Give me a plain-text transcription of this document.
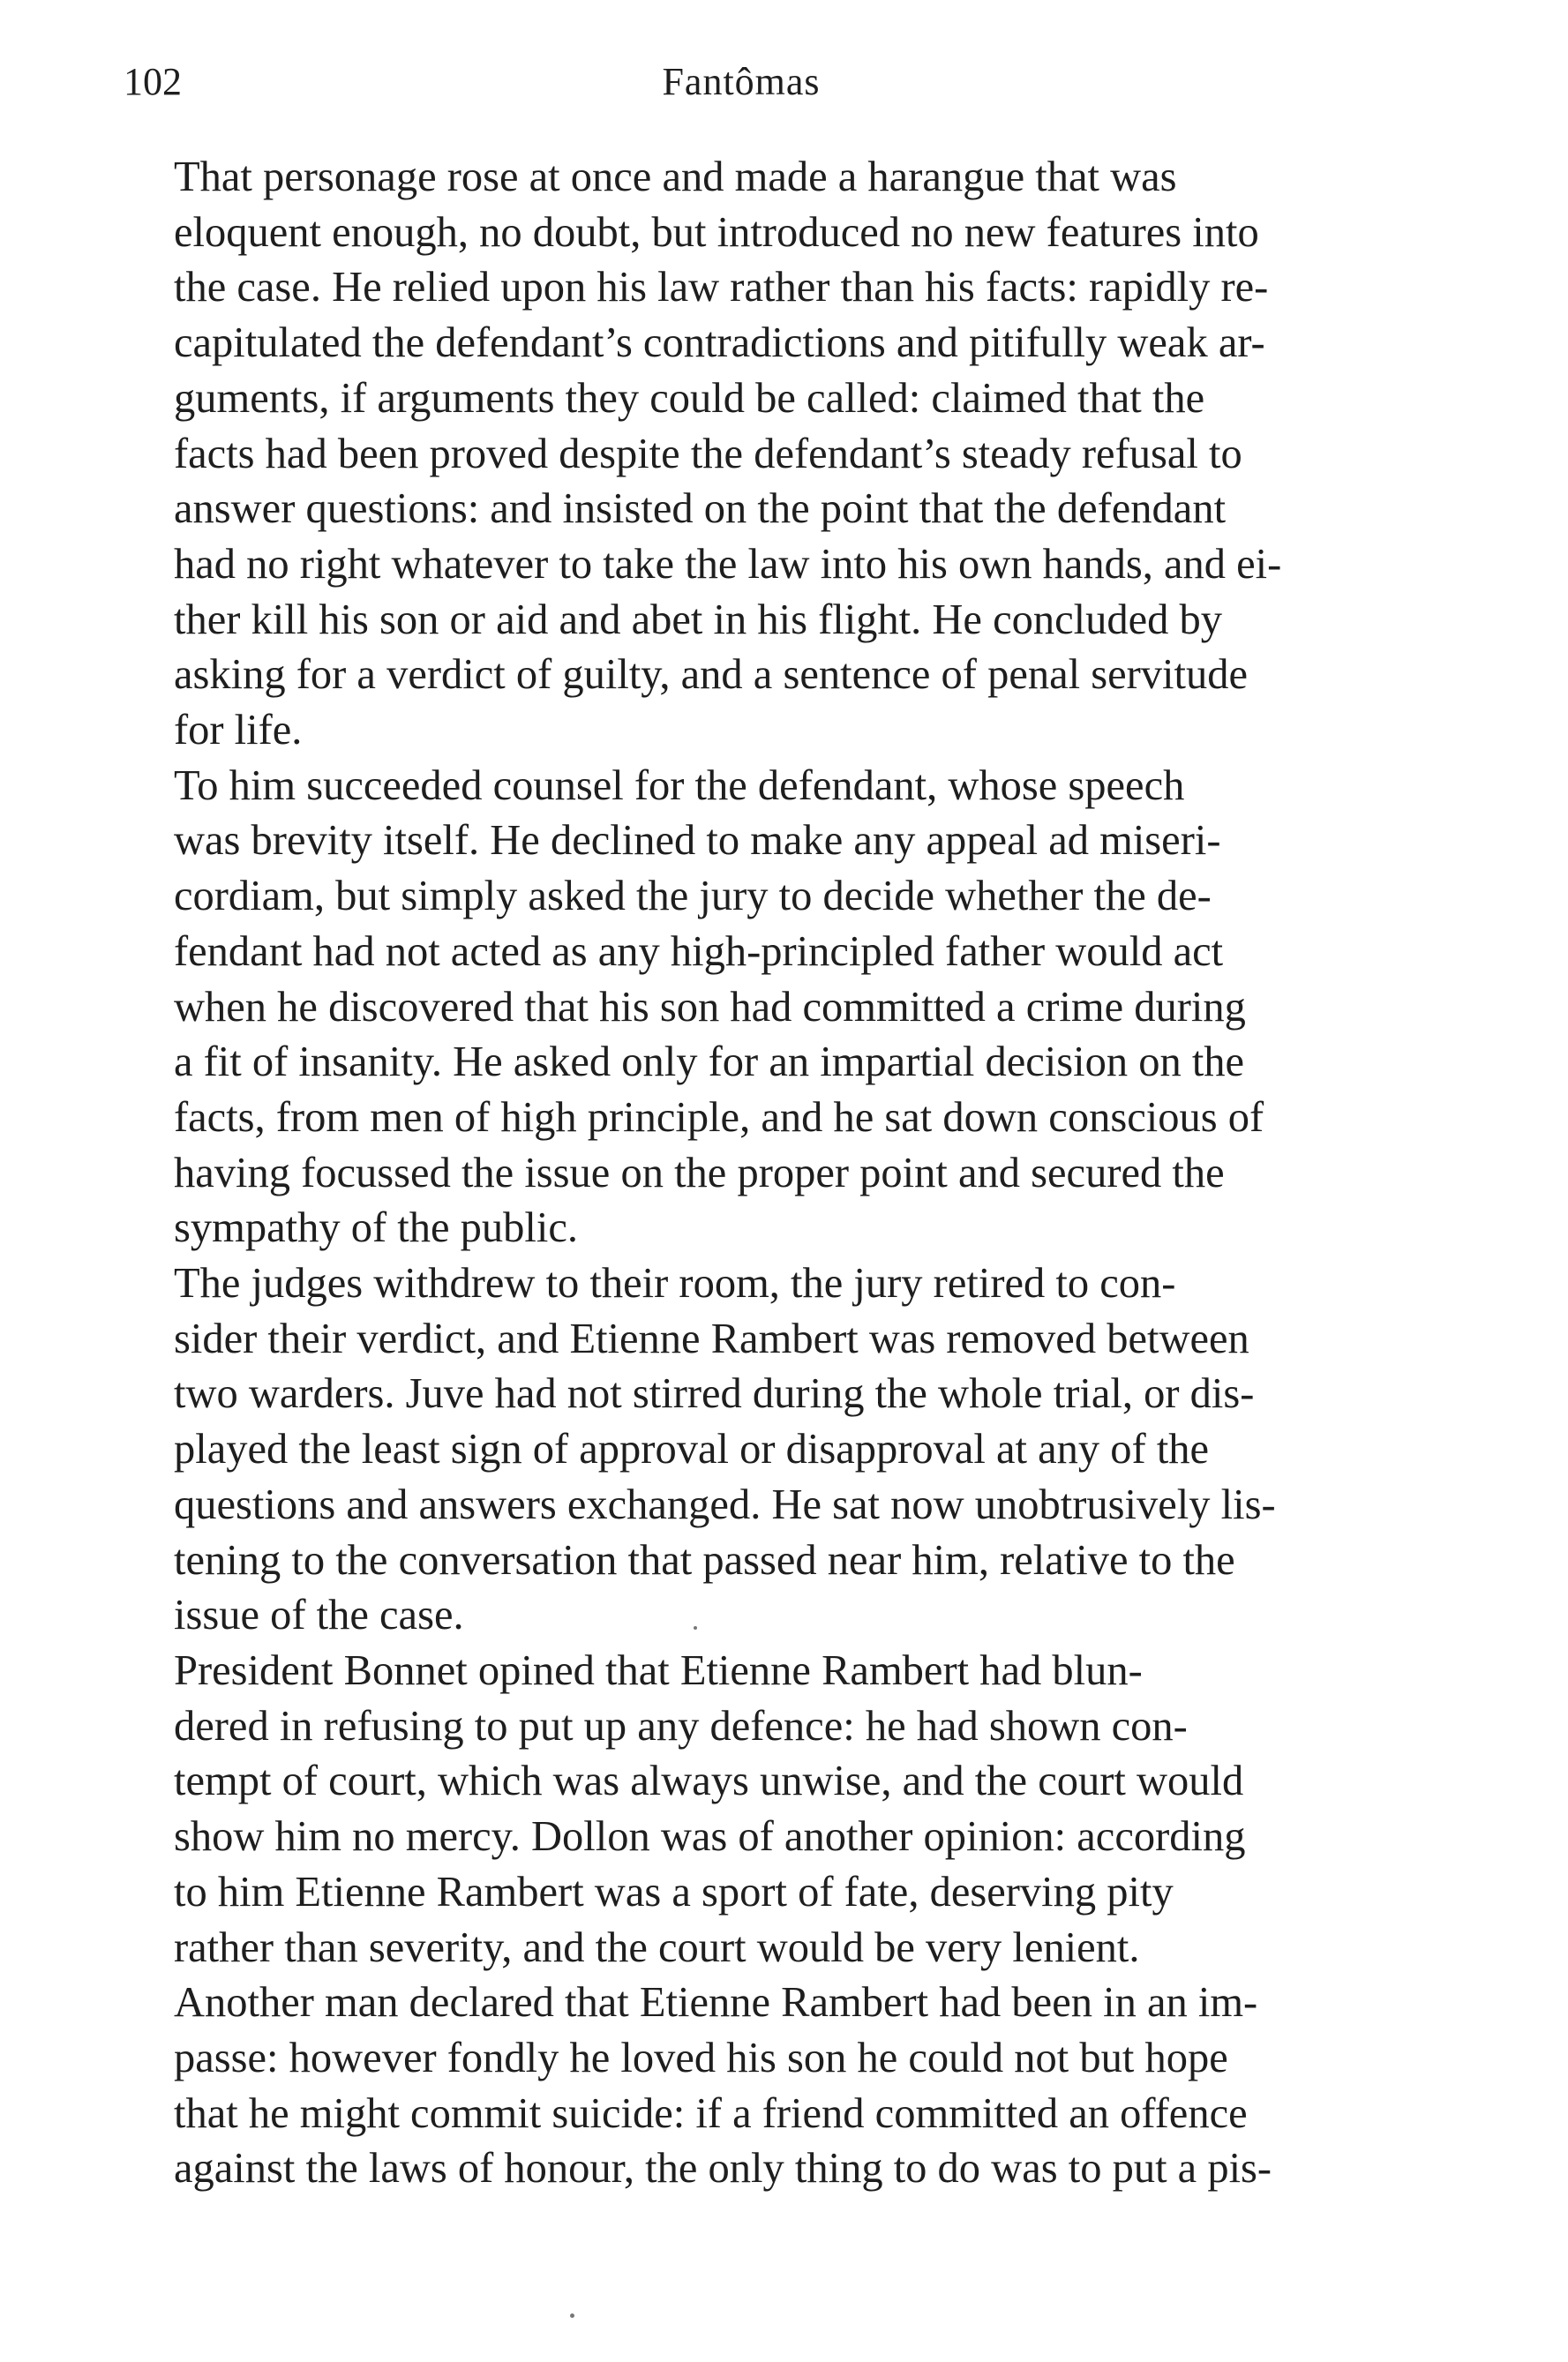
102	Fantômas

That personage rose at once and made a harangue that was
eloquent enough, no doubt, but introduced no new features into
the case. He relied upon his law rather than his facts: rapidly re-
capitulated the defendant’s contradictions and pitifully weak ar-
guments, if arguments they could be called: claimed that the
facts had been proved despite the defendant’s steady refusal to
answer questions: and insisted on the point that the defendant
had no right whatever to take the law into his own hands, and ei-
ther kill his son or aid and abet in his flight. He concluded by
asking for a verdict of guilty, and a sentence of penal servitude
for life.

To him succeeded counsel for the defendant, whose speech
was brevity itself. He declined to make any appeal ad miseri-
cordiam, but simply asked the jury to decide whether the de-
fendant had not acted as any high-principled father would act
when he discovered that his son had committed a crime during
a fit of insanity. He asked only for an impartial decision on the
facts, from men of high principle, and he sat down conscious of
having focussed the issue on the proper point and secured the
sympathy of the public.

The judges withdrew to their room, the jury retired to con-
sider their verdict, and Etienne Rambert was removed between
two warders. Juve had not stirred during the whole trial, or dis-
played the least sign of approval or disapproval at any of the
questions and answers exchanged. He sat now unobtrusively lis-
tening to the conversation that passed near him, relative to the
issue of the case.

President Bonnet opined that Etienne Rambert had blun-
dered in refusing to put up any defence: he had shown con-
tempt of court, which was always unwise, and the court would
show him no mercy. Dollon was of another opinion: according
to him Etienne Rambert was a sport of fate, deserving pity
rather than severity, and the court would be very lenient.
Another man declared that Etienne Rambert had been in an im-
passe: however fondly he loved his son he could not but hope
that he might commit suicide: if a friend committed an offence
against the laws of honour, the only thing to do was to put a pis-
